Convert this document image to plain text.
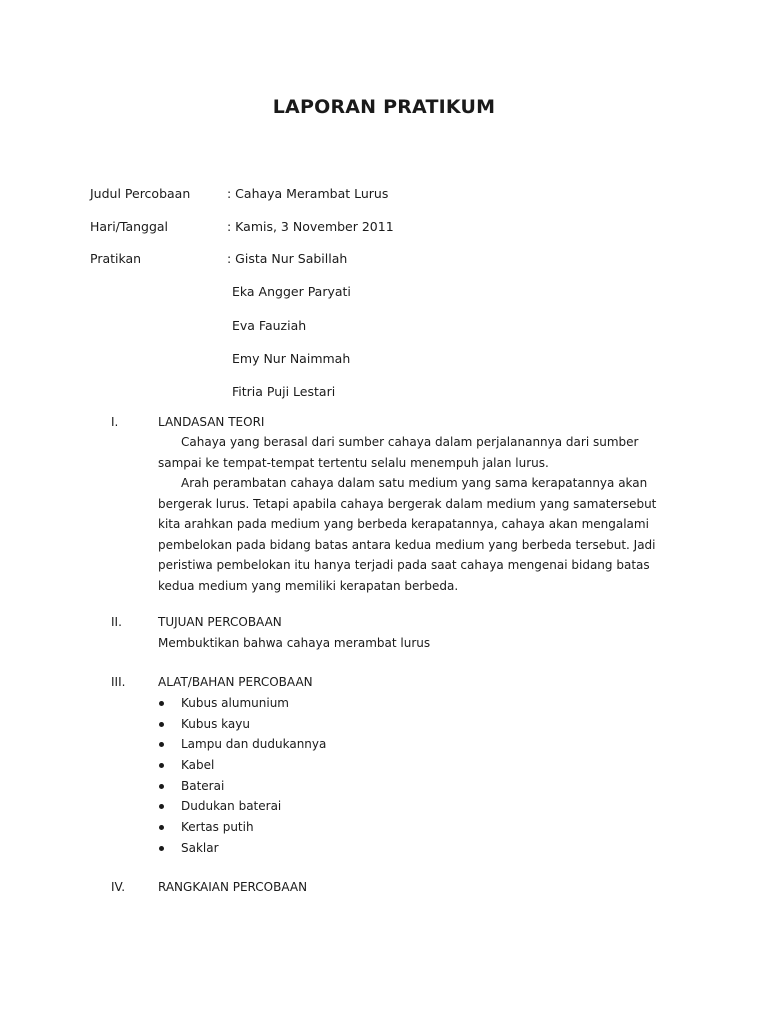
LAPORAN PRATIKUM
Judul Percobaan	: Cahaya Merambat Lurus
Hari/Tanggal	: Kamis, 3 November 2011
Pratikan	: Gista Nur Sabillah
Eka Angger Paryati
Eva Fauziah
Emy Nur Naimmah
Fitria Puji Lestari
I.	LANDASAN TEORI

Cahaya yang berasal dari sumber cahaya dalam perjalanannya dari sumber sampai ke tempat-tempat tertentu selalu menempuh jalan lurus.

Arah perambatan cahaya dalam satu medium yang sama kerapatannya akan bergerak lurus. Tetapi apabila cahaya bergerak dalam medium yang samatersebut kita arahkan pada medium yang berbeda kerapatannya, cahaya akan mengalami pembelokan pada bidang batas antara kedua medium yang berbeda tersebut. Jadi peristiwa pembelokan itu hanya terjadi pada saat cahaya mengenai bidang batas kedua medium yang memiliki kerapatan berbeda.

II.	TUJUAN PERCOBAAN
Membuktikan bahwa cahaya merambat lurus
III.	ALAT/BAHAN PERCOBAAN
Kubus alumunium
Kubus kayu
Lampu dan dudukannya
Kabel
Baterai
Dudukan baterai
Kertas putih
Saklar
IV.	RANGKAIAN PERCOBAAN
